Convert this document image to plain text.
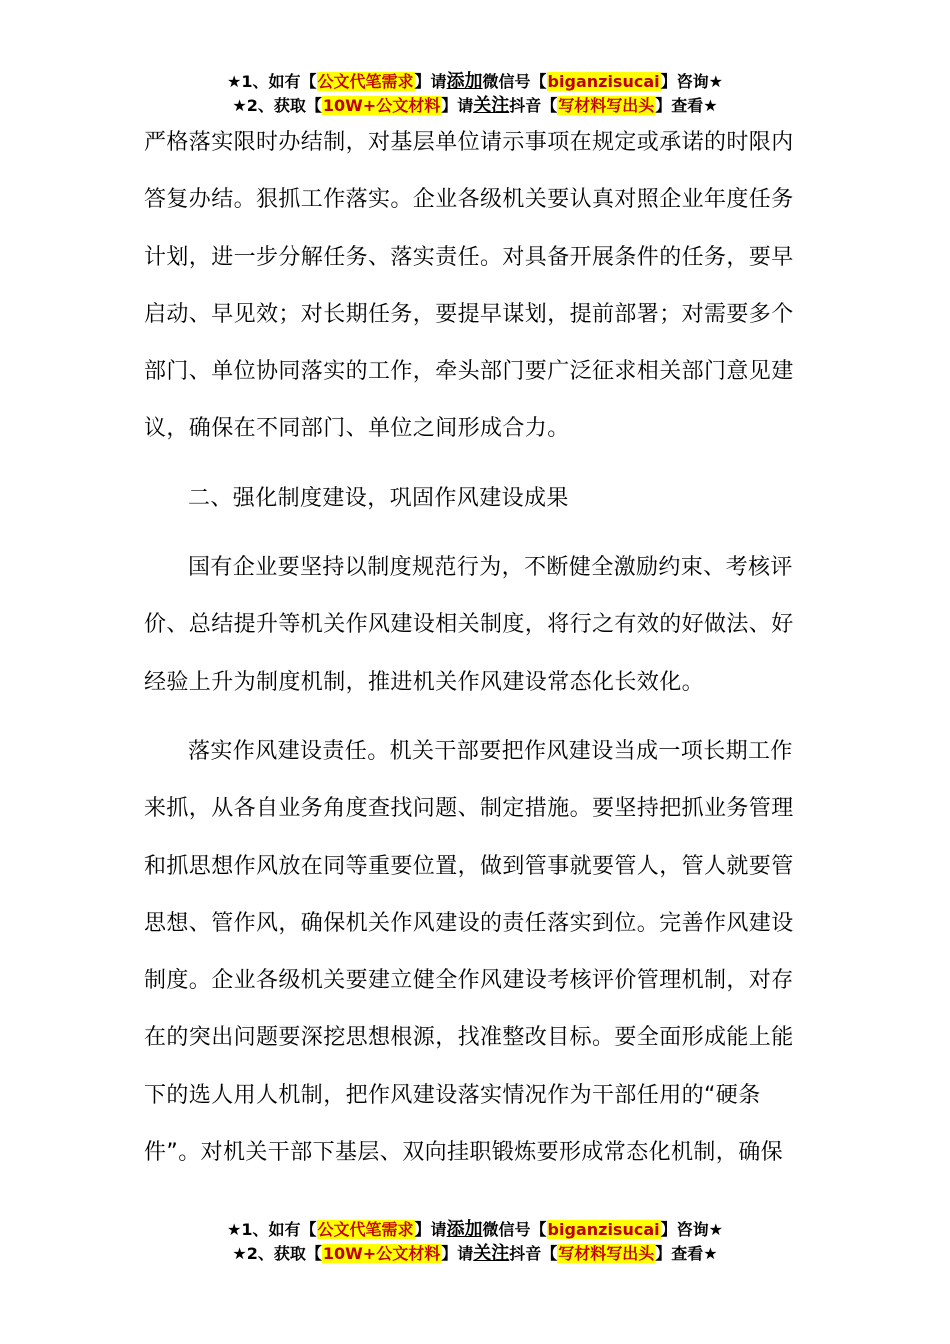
★1、如有【公文代笔需求】请添加微信号【biganzisucai】咨询★
★2、获取【10W+公文材料】请关注抖音【写材料写出头】查看★

严格落实限时办结制，对基层单位请示事项在规定或承诺的时限内

答复办结。狠抓工作落实。企业各级机关要认真对照企业年度任务

计划，进一步分解任务、落实责任。对具备开展条件的任务，要早

启动、早见效；对长期任务，要提早谋划，提前部署；对需要多个

部门、单位协同落实的工作，牵头部门要广泛征求相关部门意见建

议，确保在不同部门、单位之间形成合力。

二、强化制度建设，巩固作风建设成果

国有企业要坚持以制度规范行为，不断健全激励约束、考核评

价、总结提升等机关作风建设相关制度，将行之有效的好做法、好

经验上升为制度机制，推进机关作风建设常态化长效化。

落实作风建设责任。机关干部要把作风建设当成一项长期工作

来抓，从各自业务角度查找问题、制定措施。要坚持把抓业务管理

和抓思想作风放在同等重要位置，做到管事就要管人，管人就要管

思想、管作风，确保机关作风建设的责任落实到位。完善作风建设

制度。企业各级机关要建立健全作风建设考核评价管理机制，对存

在的突出问题要深挖思想根源，找准整改目标。要全面形成能上能

下的选人用人机制，把作风建设落实情况作为干部任用的“硬条

件”。对机关干部下基层、双向挂职锻炼要形成常态化机制，确保

★1、如有【公文代笔需求】请添加微信号【biganzisucai】咨询★
★2、获取【10W+公文材料】请关注抖音【写材料写出头】查看★
